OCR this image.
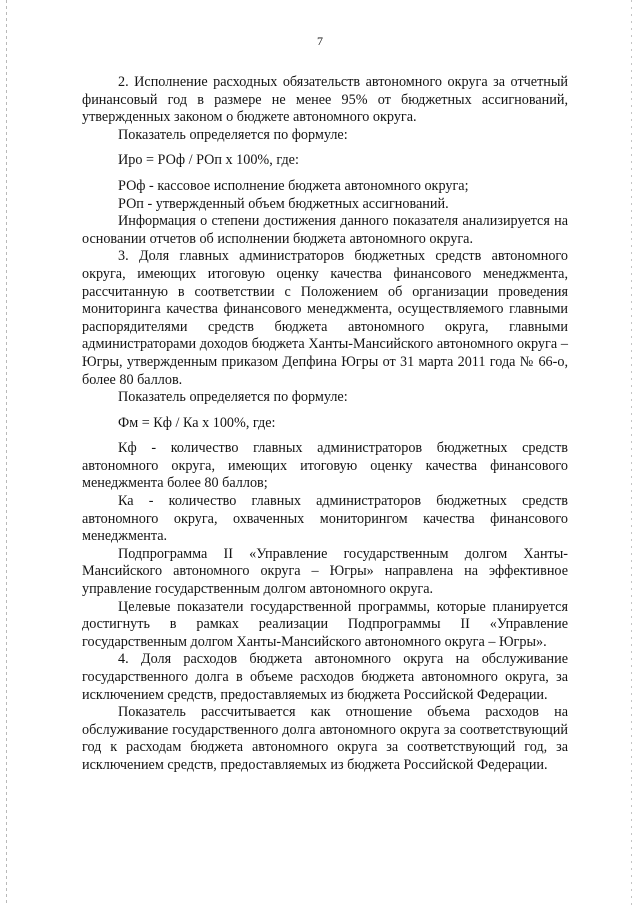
7

2. Исполнение расходных обязательств автономного округа за отчетный финансовый год в размере не менее 95% от бюджетных ассигнований, утвержденных законом о бюджете автономного округа.

Показатель определяется по формуле:

Иро = РОф / РОп x 100%, где:

РОф - кассовое исполнение бюджета автономного округа;

РОп - утвержденный объем бюджетных ассигнований.

Информация о степени достижения данного показателя анализируется на основании отчетов об исполнении бюджета автономного округа.

3. Доля главных администраторов бюджетных средств автономного округа, имеющих итоговую оценку качества финансового менеджмента, рассчитанную в соответствии с Положением об организации проведения мониторинга качества финансового менеджмента, осуществляемого главными распорядителями средств бюджета автономного округа, главными администраторами доходов бюджета Ханты-Мансийского автономного округа – Югры, утвержденным приказом Депфина Югры от 31 марта 2011 года № 66-о, более 80 баллов.

Показатель определяется по формуле:

Фм = Кф / Ка x 100%, где:

Кф - количество главных администраторов бюджетных средств автономного округа, имеющих итоговую оценку качества финансового менеджмента более 80 баллов;

Ка - количество главных администраторов бюджетных средств автономного округа, охваченных мониторингом качества финансового менеджмента.

Подпрограмма II «Управление государственным долгом Ханты-Мансийского автономного округа – Югры» направлена на эффективное управление государственным долгом автономного округа.

Целевые показатели государственной программы, которые планируется достигнуть в рамках реализации Подпрограммы II «Управление государственным долгом Ханты-Мансийского автономного округа – Югры».

4. Доля расходов бюджета автономного округа на обслуживание государственного долга в объеме расходов бюджета автономного округа, за исключением средств, предоставляемых из бюджета Российской Федерации.

Показатель рассчитывается как отношение объема расходов на обслуживание государственного долга автономного округа за соответствующий год к расходам бюджета автономного округа за соответствующий год, за исключением средств, предоставляемых из бюджета Российской Федерации.
